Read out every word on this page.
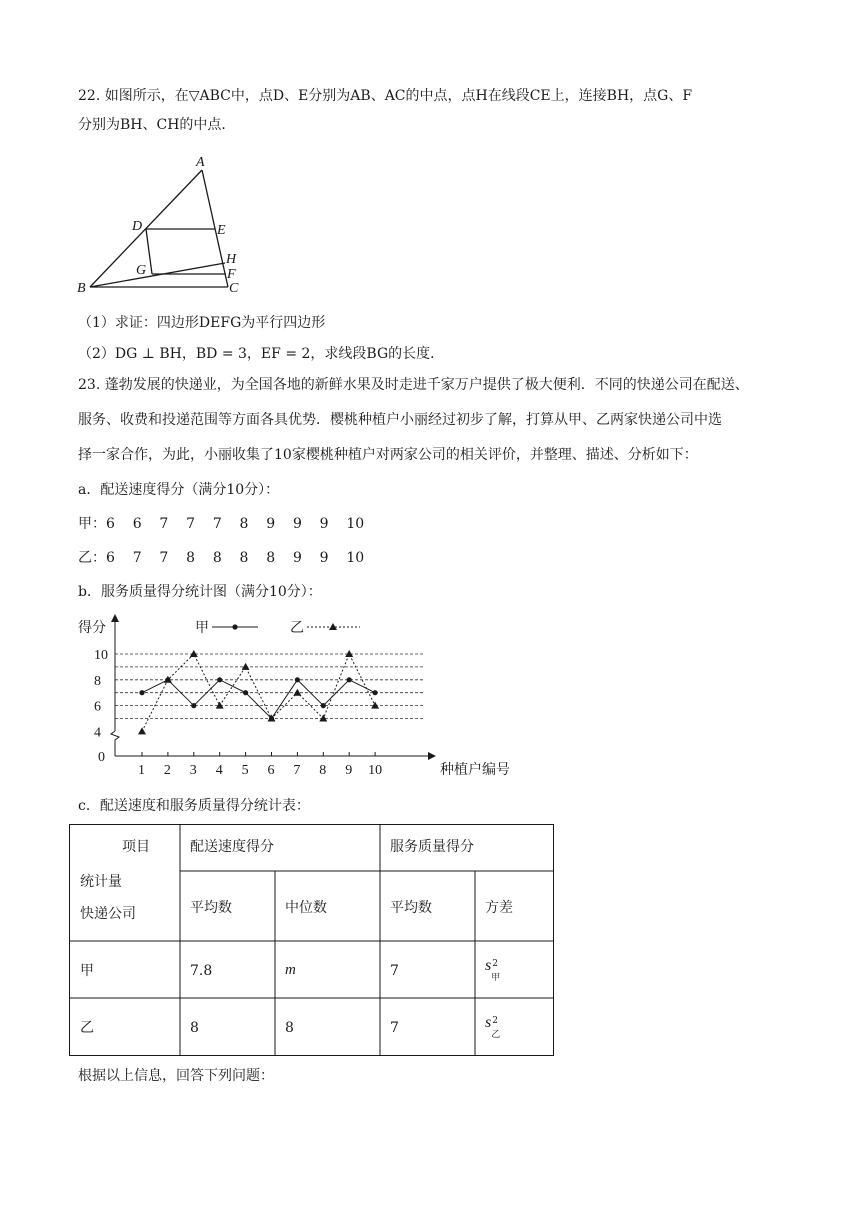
22. 如图所示，在▽ABC中，点D、E分别为AB、AC的中点，点H在线段CE上，连接BH，点G、F
分别为BH、CH的中点．
A
D	E
G
H
F
B	C
（1）求证：四边形DEFG为平行四边形
（2）DG ⊥ BH，BD = 3，EF = 2，求线段BG的长度．
23. 蓬勃发展的快递业，为全国各地的新鲜水果及时走进千家万户提供了极大便利．不同的快递公司在配送、
服务、收费和投递范围等方面各具优势．樱桃种植户小丽经过初步了解，打算从甲、乙两家快递公司中选
择一家合作，为此，小丽收集了10家樱桃种植户对两家公司的相关评价，并整理、描述、分析如下：
a．配送速度得分（满分10分）：
甲：6    6    7    7    7    8    9    9    9    10
乙：6    7    7    8    8    8    8    9    9    10
b．服务质量得分统计图（满分10分）：
得分
种植户编号
4
6
8
10
0
1 2 3 4 5 6 7 8 9 10
甲	乙
c．配送速度和服务质量得分统计表：
项目
统计量
快递公司
配送速度得分	服务质量得分
平均数	中位数	平均数	方差
甲	7.8	m	7	s 2
甲
乙	8	8	7	s 2
乙
根据以上信息，回答下列问题：
